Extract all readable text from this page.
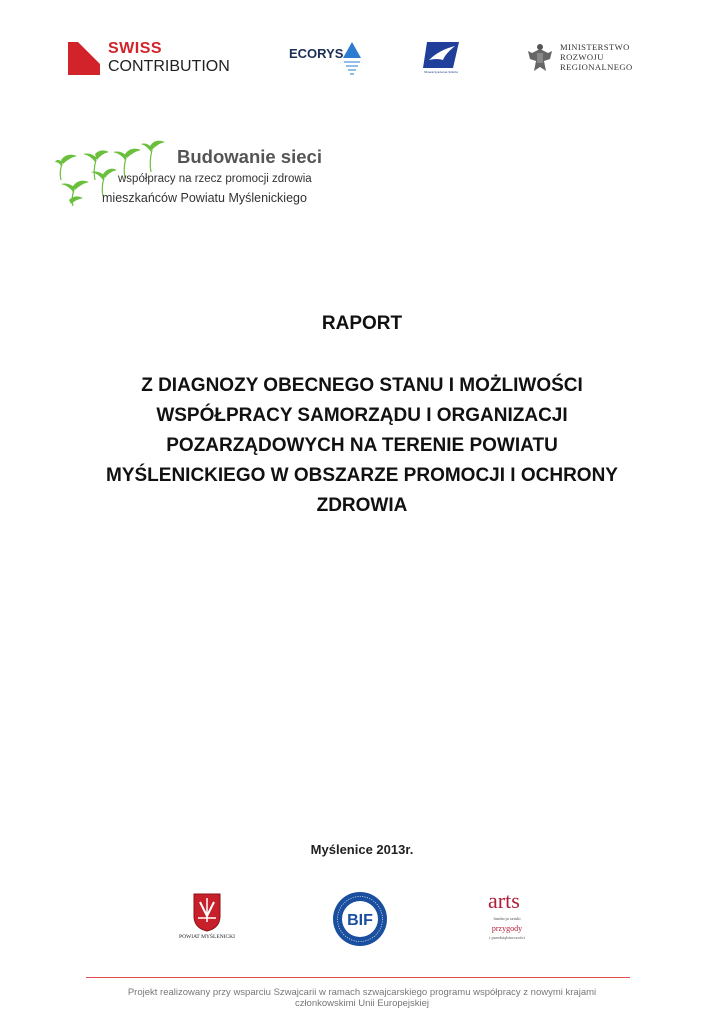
SWISS
CONTRIBUTION
ECORYS
Stowarzyszenie Szkoła
MINISTERSTWO
ROZWOJU
REGIONALNEGO
Budowanie sieci
współpracy na rzecz promocji zdrowia
mieszkańców Powiatu Myślenickiego
RAPORT
Z DIAGNOZY OBECNEGO STANU I MOŻLIWOŚCI
WSPÓŁPRACY SAMORZĄDU I ORGANIZACJI
POZARZĄDOWYCH NA TERENIE POWIATU
MYŚLENICKIEGO W OBSZARZE PROMOCJI I OCHRONY
ZDROWIA
Myślenice 2013r.
POWIAT MYŚLENICKI
BIF
arts
fundacja sztuki
przygody
i przedsiębiorczości
Projekt realizowany przy wsparciu Szwajcarii w ramach szwajcarskiego programu współpracy z nowymi krajami
członkowskimi Unii Europejskiej
